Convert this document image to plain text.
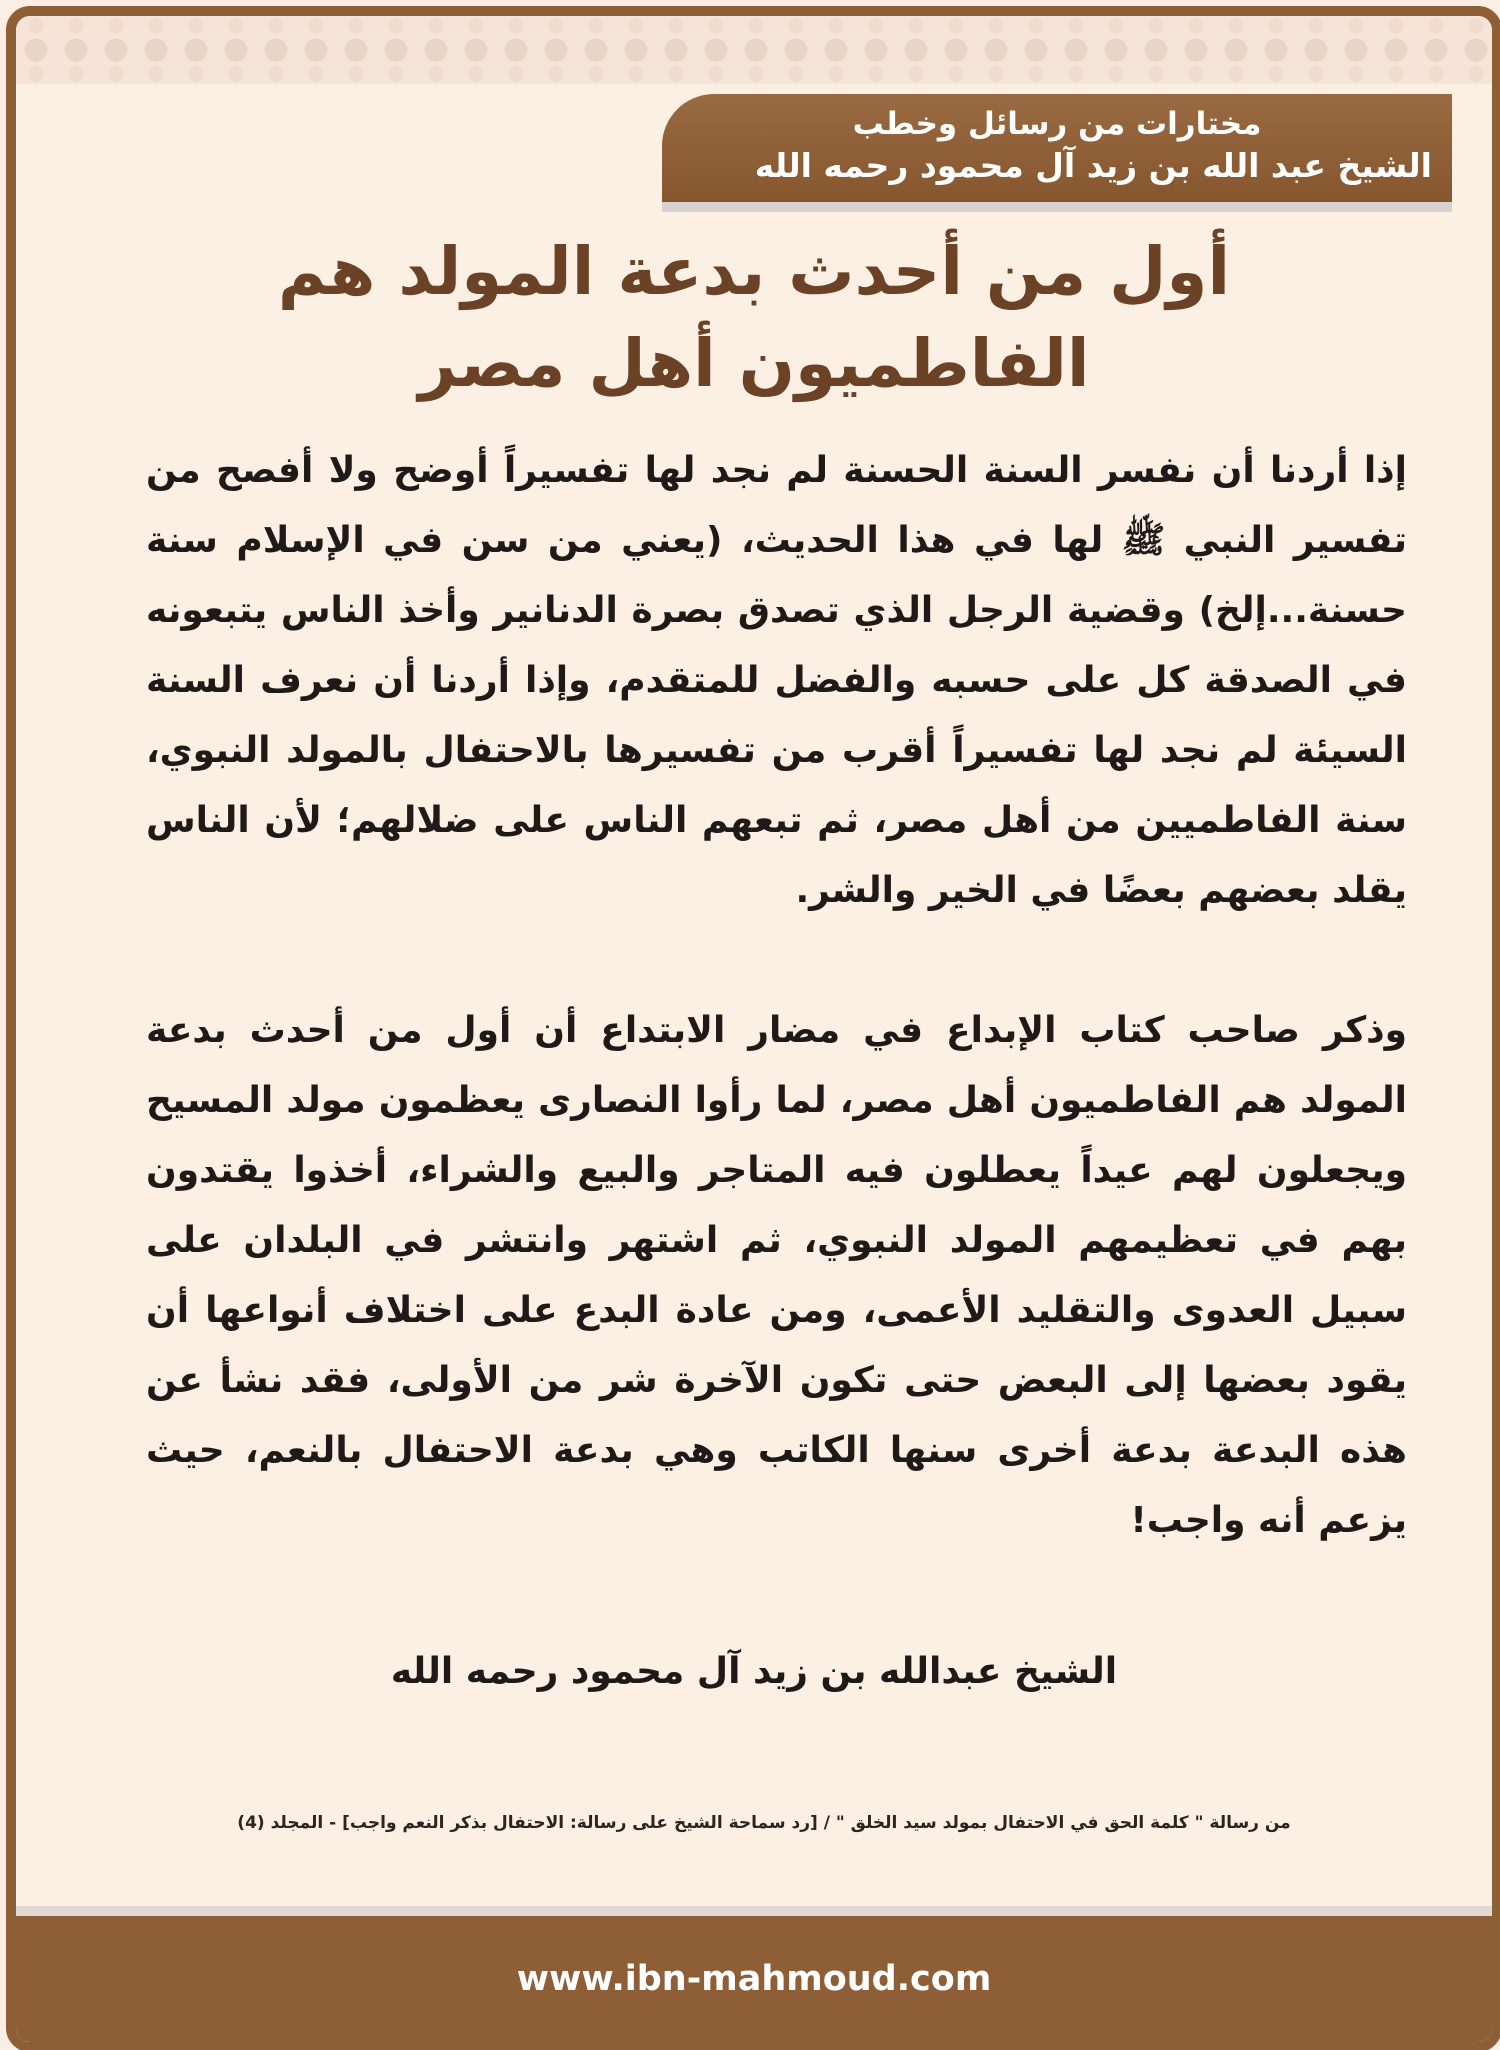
مختارات من رسائل وخطب
الشيخ عبد الله بن زيد آل محمود رحمه الله
أول من أحدث بدعة المولد هم الفاطميون أهل مصر

إذا أردنا أن نفسر السنة الحسنة لم نجد لها تفسيراً أوضح ولا أفصح من تفسير النبي ﷺ لها في هذا الحديث، (يعني من سن في الإسلام سنة حسنة...إلخ) وقضية الرجل الذي تصدق بصرة الدنانير وأخذ الناس يتبعونه في الصدقة كل على حسبه والفضل للمتقدم، وإذا أردنا أن نعرف السنة السيئة لم نجد لها تفسيراً أقرب من تفسيرها بالاحتفال بالمولد النبوي، سنة الفاطميين من أهل مصر، ثم تبعهم الناس على ضلالهم؛ لأن الناس يقلد بعضهم بعضًا في الخير والشر.

وذكر صاحب كتاب الإبداع في مضار الابتداع أن أول من أحدث بدعة المولد هم الفاطميون أهل مصر، لما رأوا النصارى يعظمون مولد المسيح ويجعلون لهم عيداً يعطلون فيه المتاجر والبيع والشراء، أخذوا يقتدون بهم في تعظيمهم المولد النبوي، ثم اشتهر وانتشر في البلدان على سبيل العدوى والتقليد الأعمى، ومن عادة البدع على اختلاف أنواعها أن يقود بعضها إلى البعض حتى تكون الآخرة شر من الأولى، فقد نشأ عن هذه البدعة بدعة أخرى سنها الكاتب وهي بدعة الاحتفال بالنعم، حيث يزعم أنه واجب!

الشيخ عبدالله بن زيد آل محمود رحمه الله
من رسالة " كلمة الحق في الاحتفال بمولد سيد الخلق " / [رد سماحة الشيخ على رسالة: الاحتفال بذكر النعم واجب] - المجلد (4)
www.ibn-mahmoud.com
